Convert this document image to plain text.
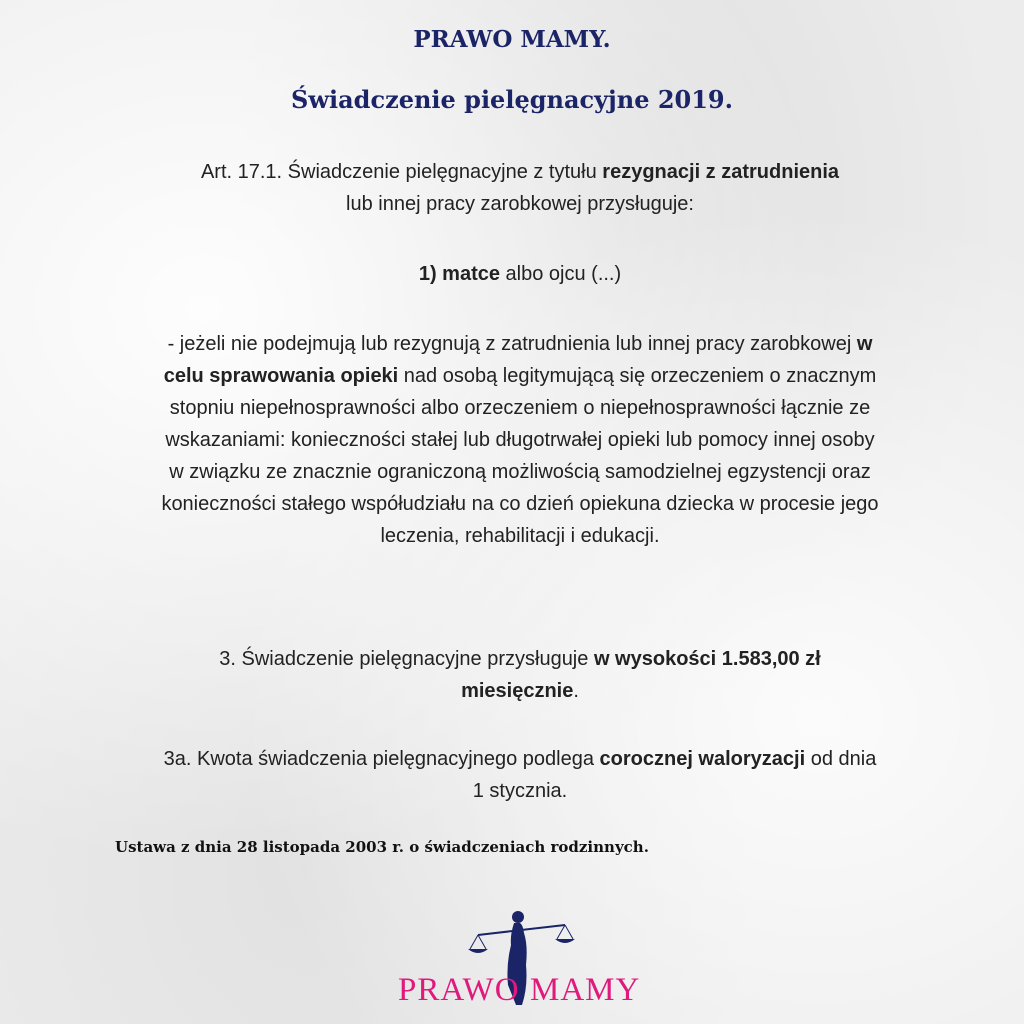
PRAWO MAMY.
Świadczenie pielęgnacyjne 2019.
Art. 17.1. Świadczenie pielęgnacyjne z tytułu rezygnacji z zatrudnienia
lub innej pracy zarobkowej przysługuje:
1) matce albo ojcu (...)
- jeżeli nie podejmują lub rezygnują z zatrudnienia lub innej pracy zarobkowej w celu sprawowania opieki nad osobą legitymującą się orzeczeniem o znacznym stopniu niepełnosprawności albo orzeczeniem o niepełnosprawności łącznie ze wskazaniami: konieczności stałej lub długotrwałej opieki lub pomocy innej osoby w związku ze znacznie ograniczoną możliwością samodzielnej egzystencji oraz konieczności stałego współudziału na co dzień opiekuna dziecka w procesie jego leczenia, rehabilitacji i edukacji.
3. Świadczenie pielęgnacyjne przysługuje w wysokości 1.583,00 zł miesięcznie.
3a. Kwota świadczenia pielęgnacyjnego podlega corocznej waloryzacji od dnia 1 stycznia.
Ustawa z dnia 28 listopada 2003 r. o świadczeniach rodzinnych.
PRAWO MAMY
